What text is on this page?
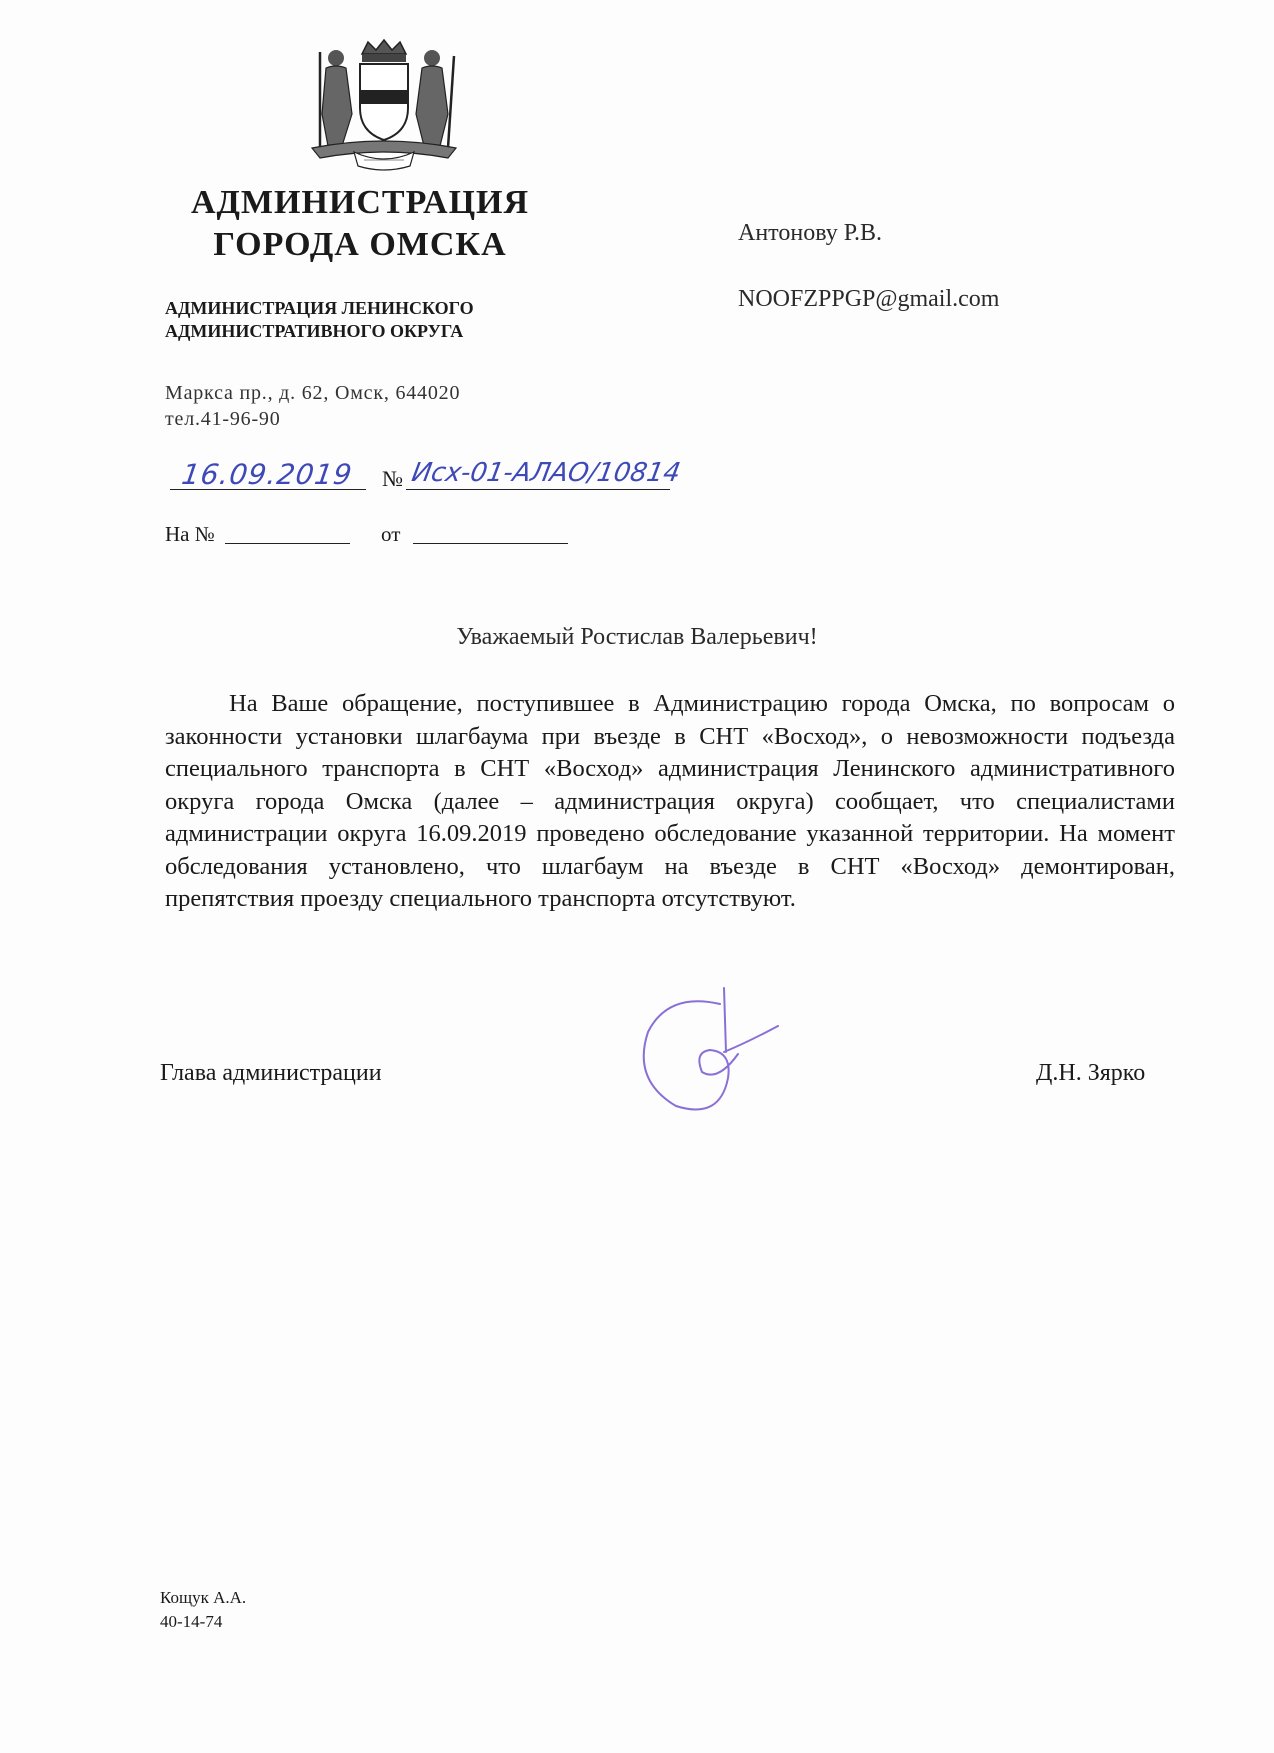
АДМИНИСТРАЦИЯ
ГОРОДА ОМСКА
АДМИНИСТРАЦИЯ ЛЕНИНСКОГО
АДМИНИСТРАТИВНОГО ОКРУГА
Маркса пр., д. 62, Омск, 644020
тел.41-96-90
16.09.2019 № Исх-01-АЛАО/10814
На №	от
Антонову Р.В.
NOOFZPPGP@gmail.com
Уважаемый Ростислав Валерьевич!

На Ваше обращение, поступившее в Администрацию города Омска, по вопросам о законности установки шлагбаума при въезде в СНТ «Восход», о невозможности подъезда специального транспорта в СНТ «Восход» администрация Ленинского административного округа города Омска (далее – администрация округа) сообщает, что специалистами администрации округа 16.09.2019 проведено обследование указанной территории. На момент обследования установлено, что шлагбаум на въезде в СНТ «Восход» демонтирован, препятствия проезду специального транспорта отсутствуют.

Глава администрации	Д.Н. Зярко
Кощук А.А.
40-14-74
